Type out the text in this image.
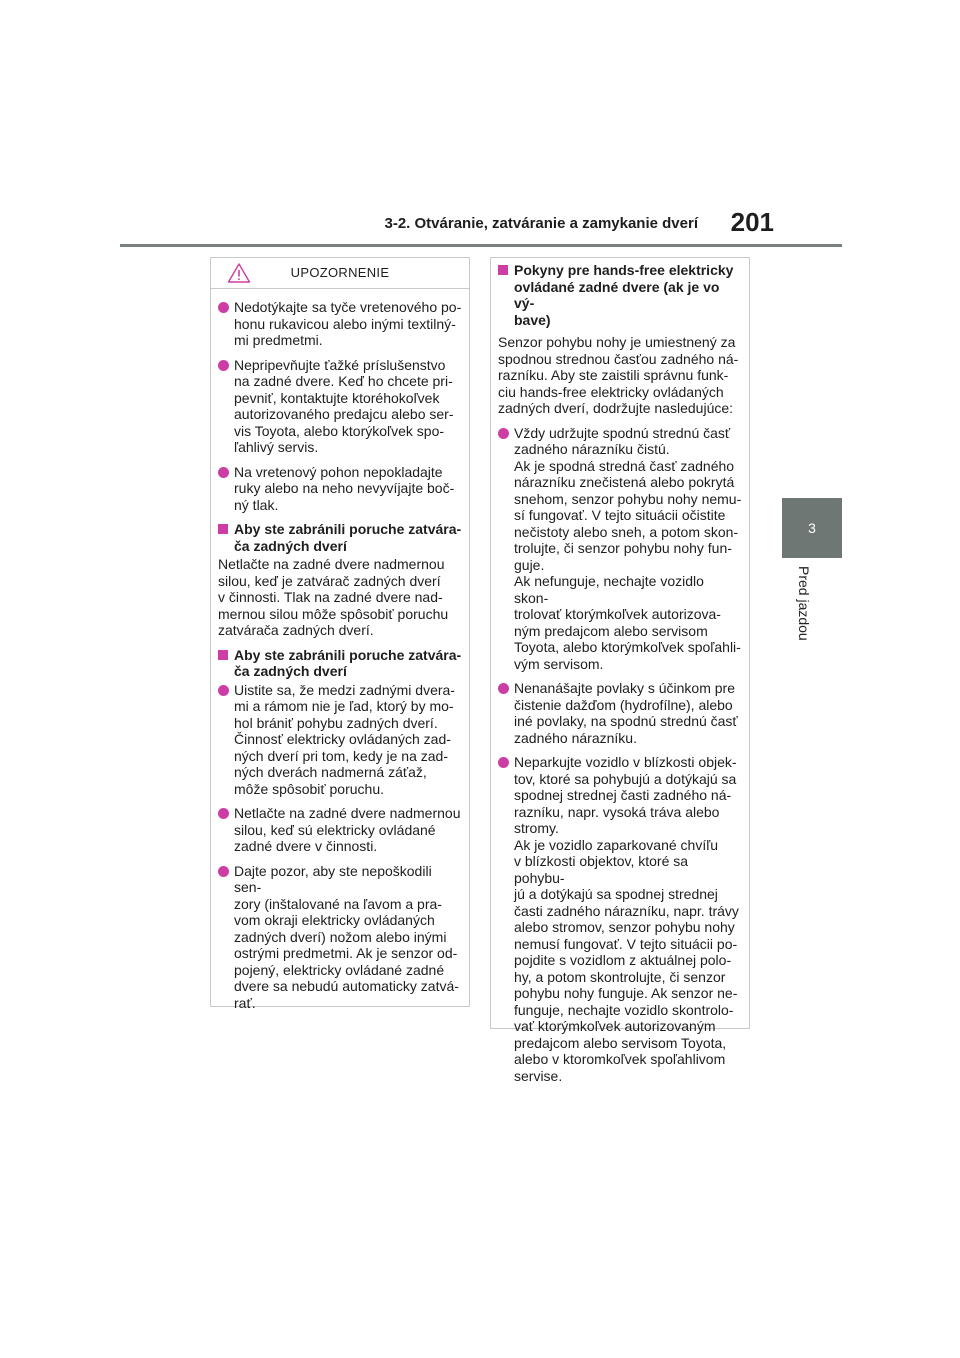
3-2. Otváranie, zatváranie a zamykanie dverí	201
3
Pred jazdou
UPOZORNENIE

Nedotýkajte sa tyče vretenového po-
honu rukavicou alebo inými textilný-
mi predmetmi.

Nepripevňujte ťažké príslušenstvo
na zadné dvere. Keď ho chcete pri-
pevniť, kontaktujte ktoréhokoľvek
autorizovaného predajcu alebo ser-
vis Toyota, alebo ktorýkoľvek spo-
ľahlivý servis.

Na vretenový pohon nepokladajte
ruky alebo na neho nevyvíjajte boč-
ný tlak.

Aby ste zabránili poruche zatvára-
ča zadných dverí

Netlačte na zadné dvere nadmernou
silou, keď je zatvárač zadných dverí
v činnosti. Tlak na zadné dvere nad-
mernou silou môže spôsobiť poruchu
zatvárača zadných dverí.

Aby ste zabránili poruche zatvára-
ča zadných dverí

Uistite sa, že medzi zadnými dvera-
mi a rámom nie je ľad, ktorý by mo-
hol brániť pohybu zadných dverí.
Činnosť elektricky ovládaných zad-
ných dverí pri tom, kedy je na zad-
ných dverách nadmerná záťaž,
môže spôsobiť poruchu.

Netlačte na zadné dvere nadmernou
silou, keď sú elektricky ovládané
zadné dvere v činnosti.

Dajte pozor, aby ste nepoškodili sen-
zory (inštalované na ľavom a pra-
vom okraji elektricky ovládaných
zadných dverí) nožom alebo inými
ostrými predmetmi. Ak je senzor od-
pojený, elektricky ovládané zadné
dvere sa nebudú automaticky zatvá-
rať.

Pokyny pre hands-free elektricky
ovládané zadné dvere (ak je vo vý-
bave)

Senzor pohybu nohy je umiestnený za
spodnou strednou časťou zadného ná-
razníku. Aby ste zaistili správnu funk-
ciu hands-free elektricky ovládaných
zadných dverí, dodržujte nasledujúce:

Vždy udržujte spodnú strednú časť
zadného nárazníku čistú.
Ak je spodná stredná časť zadného
nárazníku znečistená alebo pokrytá
snehom, senzor pohybu nohy nemu-
sí fungovať. V tejto situácii očistite
nečistoty alebo sneh, a potom skon-
trolujte, či senzor pohybu nohy fun-
guje.
Ak nefunguje, nechajte vozidlo skon-
trolovať ktorýmkoľvek autorizova-
ným predajcom alebo servisom
Toyota, alebo ktorýmkoľvek spoľahli-
vým servisom.

Nenanášajte povlaky s účinkom pre
čistenie dažďom (hydrofílne), alebo
iné povlaky, na spodnú strednú časť
zadného nárazníku.

Neparkujte vozidlo v blízkosti objek-
tov, ktoré sa pohybujú a dotýkajú sa
spodnej strednej časti zadného ná-
razníku, napr. vysoká tráva alebo
stromy.
Ak je vozidlo zaparkované chvíľu
v blízkosti objektov, ktoré sa pohybu-
jú a dotýkajú sa spodnej strednej
časti zadného nárazníku, napr. trávy
alebo stromov, senzor pohybu nohy
nemusí fungovať. V tejto situácii po-
pojdite s vozidlom z aktuálnej polo-
hy, a potom skontrolujte, či senzor
pohybu nohy funguje. Ak senzor ne-
funguje, nechajte vozidlo skontrolo-
vať ktorýmkoľvek autorizovaným
predajcom alebo servisom Toyota,
alebo v ktoromkoľvek spoľahlivom
servise.
